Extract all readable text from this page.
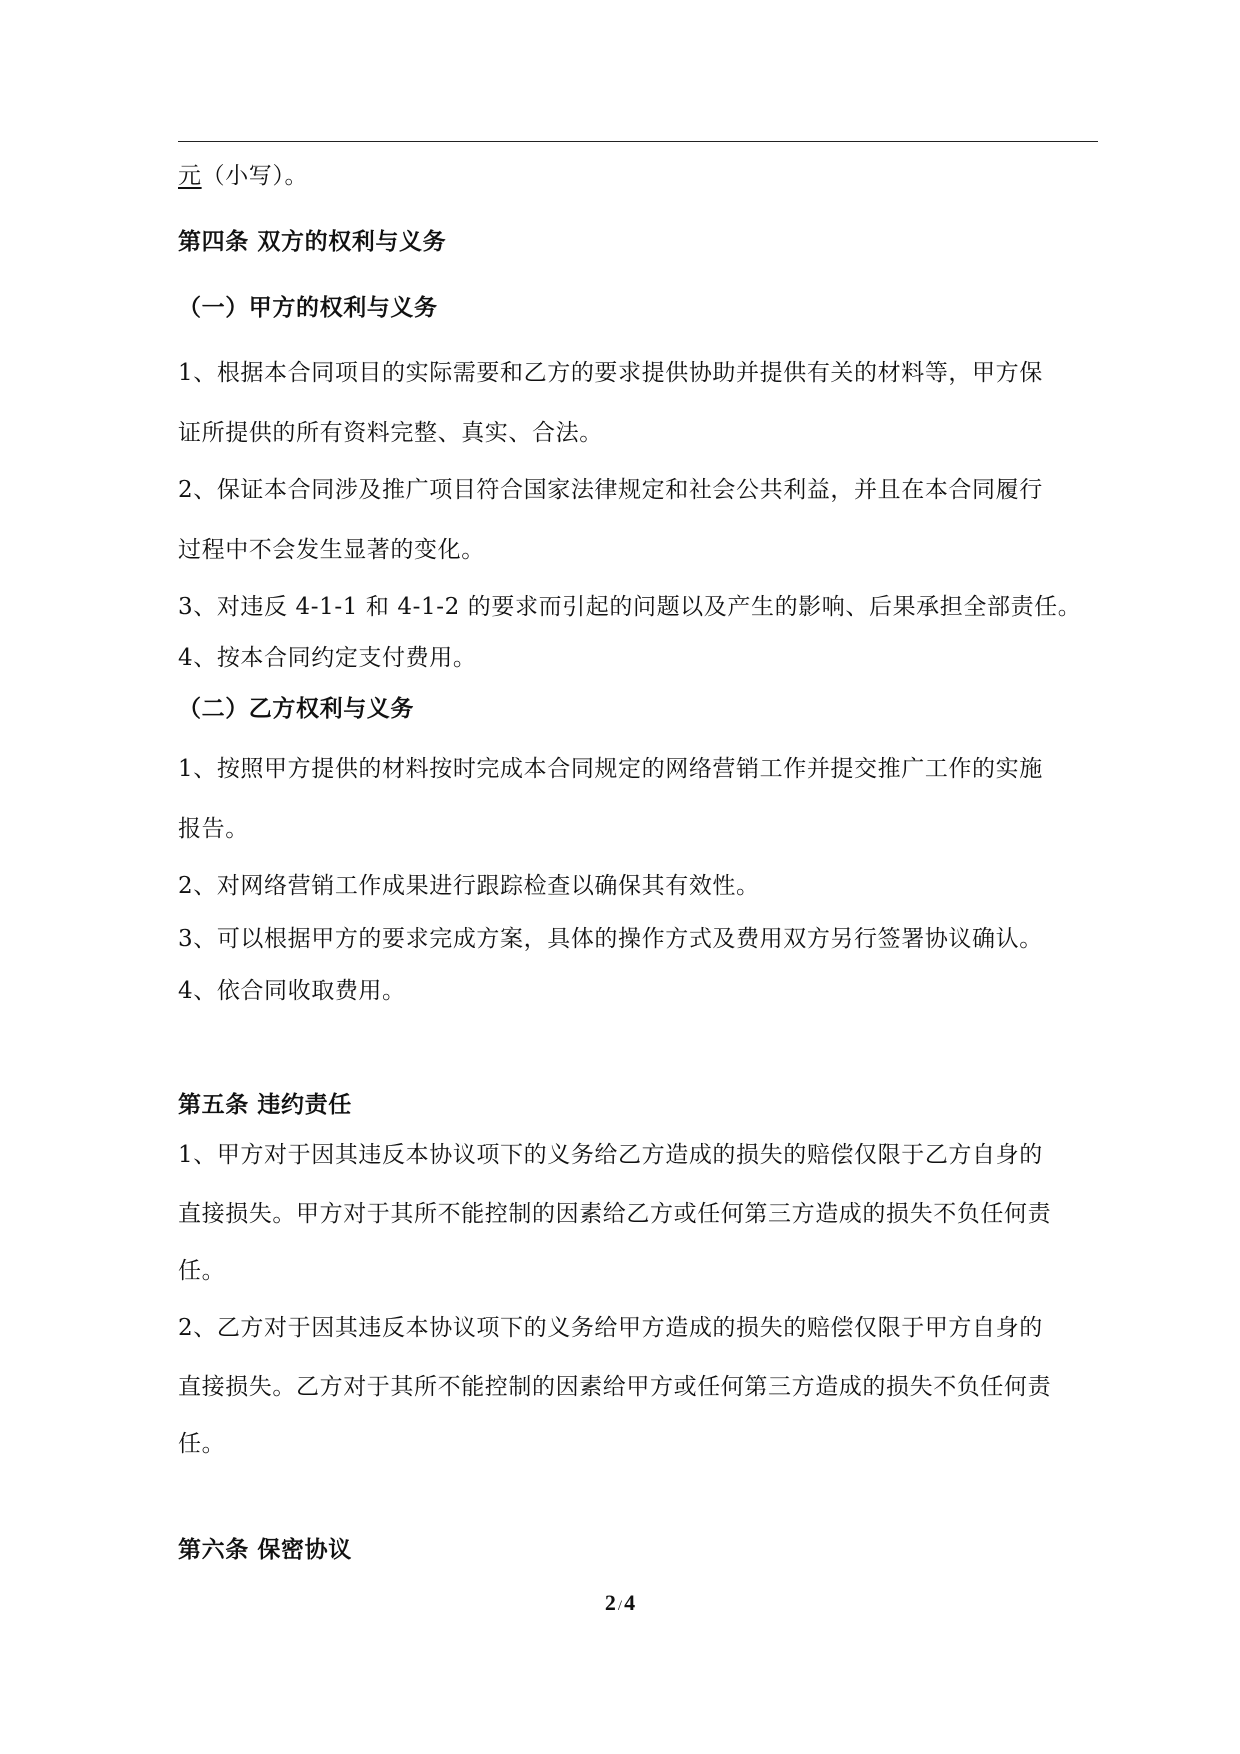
元（小写）。
第四条 双方的权利与义务
（一）甲方的权利与义务
1、根据本合同项目的实际需要和乙方的要求提供协助并提供有关的材料等，甲方保
证所提供的所有资料完整、真实、合法。
2、保证本合同涉及推广项目符合国家法律规定和社会公共利益，并且在本合同履行
过程中不会发生显著的变化。
3、对违反 4-1-1 和 4-1-2 的要求而引起的问题以及产生的影响、后果承担全部责任。
4、按本合同约定支付费用。
（二）乙方权利与义务
1、按照甲方提供的材料按时完成本合同规定的网络营销工作并提交推广工作的实施
报告。
2、对网络营销工作成果进行跟踪检查以确保其有效性。
3、可以根据甲方的要求完成方案，具体的操作方式及费用双方另行签署协议确认。
4、依合同收取费用。
第五条 违约责任
1、甲方对于因其违反本协议项下的义务给乙方造成的损失的赔偿仅限于乙方自身的
直接损失。甲方对于其所不能控制的因素给乙方或任何第三方造成的损失不负任何责
任。
2、乙方对于因其违反本协议项下的义务给甲方造成的损失的赔偿仅限于甲方自身的
直接损失。乙方对于其所不能控制的因素给甲方或任何第三方造成的损失不负任何责
任。
第六条 保密协议
2 /4
